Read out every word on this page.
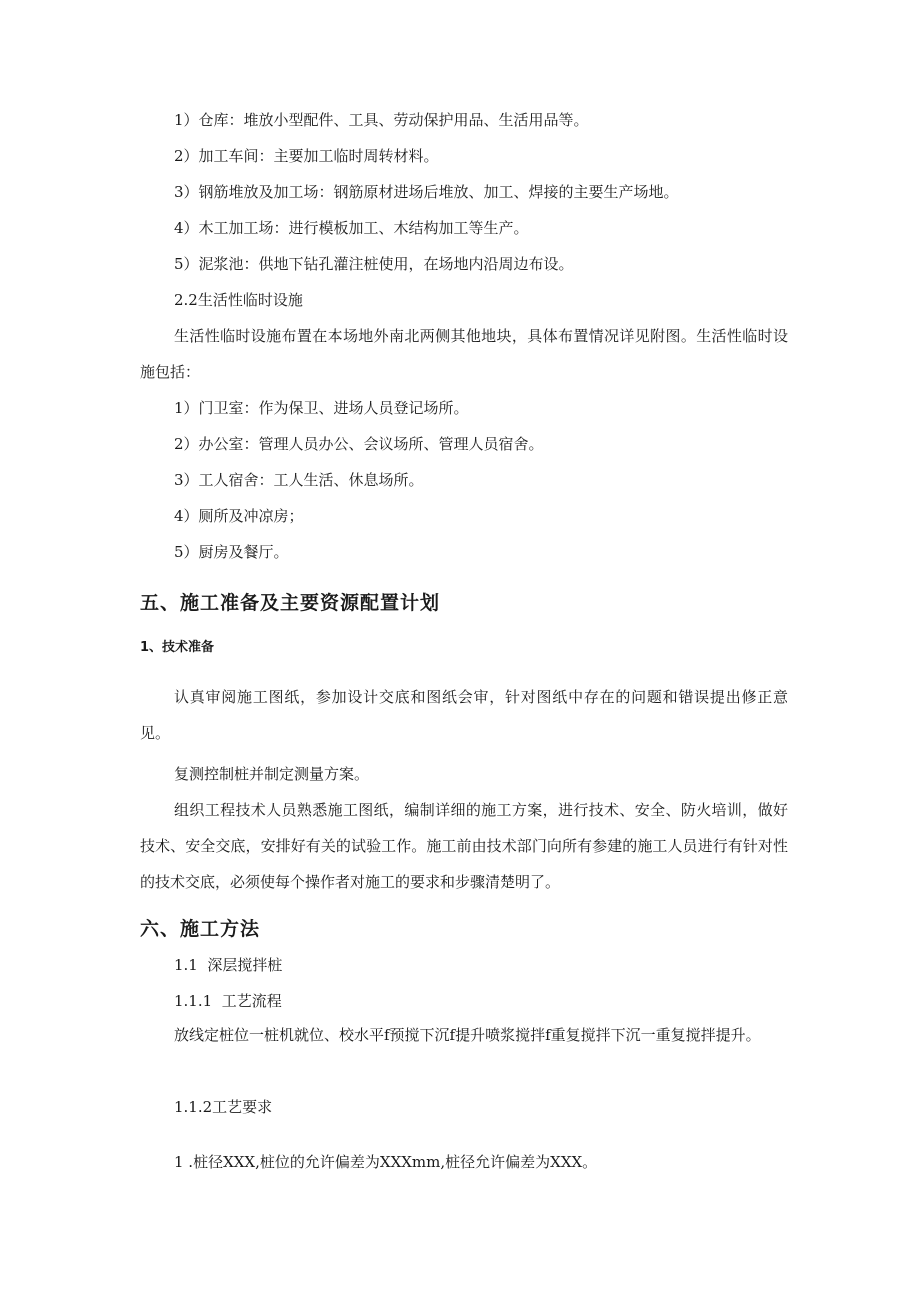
1）仓库：堆放小型配件、工具、劳动保护用品、生活用品等。
2）加工车间：主要加工临时周转材料。
3）钢筋堆放及加工场：钢筋原材进场后堆放、加工、焊接的主要生产场地。
4）木工加工场：进行模板加工、木结构加工等生产。
5）泥浆池：供地下钻孔灌注桩使用，在场地内沿周边布设。
2.2生活性临时设施
生活性临时设施布置在本场地外南北两侧其他地块，具体布置情况详见附图。生活性临时设施包括：
1）门卫室：作为保卫、进场人员登记场所。
2）办公室：管理人员办公、会议场所、管理人员宿舍。
3）工人宿舍：工人生活、休息场所。
4）厕所及冲凉房；
5）厨房及餐厅。
五、施工准备及主要资源配置计划
1、技术准备
认真审阅施工图纸，参加设计交底和图纸会审，针对图纸中存在的问题和错误提出修正意见。
复测控制桩并制定测量方案。
组织工程技术人员熟悉施工图纸，编制详细的施工方案，进行技术、安全、防火培训，做好技术、安全交底，安排好有关的试验工作。施工前由技术部门向所有参建的施工人员进行有针对性的技术交底，必须使每个操作者对施工的要求和步骤清楚明了。
六、施工方法
1.1  深层搅拌桩
1.1.1  工艺流程
放线定桩位一桩机就位、校水平f预搅下沉f提升喷浆搅拌f重复搅拌下沉一重复搅拌提升。
1.1.2工艺要求
1 .桩径XXX,桩位的允许偏差为XXXmm,桩径允许偏差为XXX。
